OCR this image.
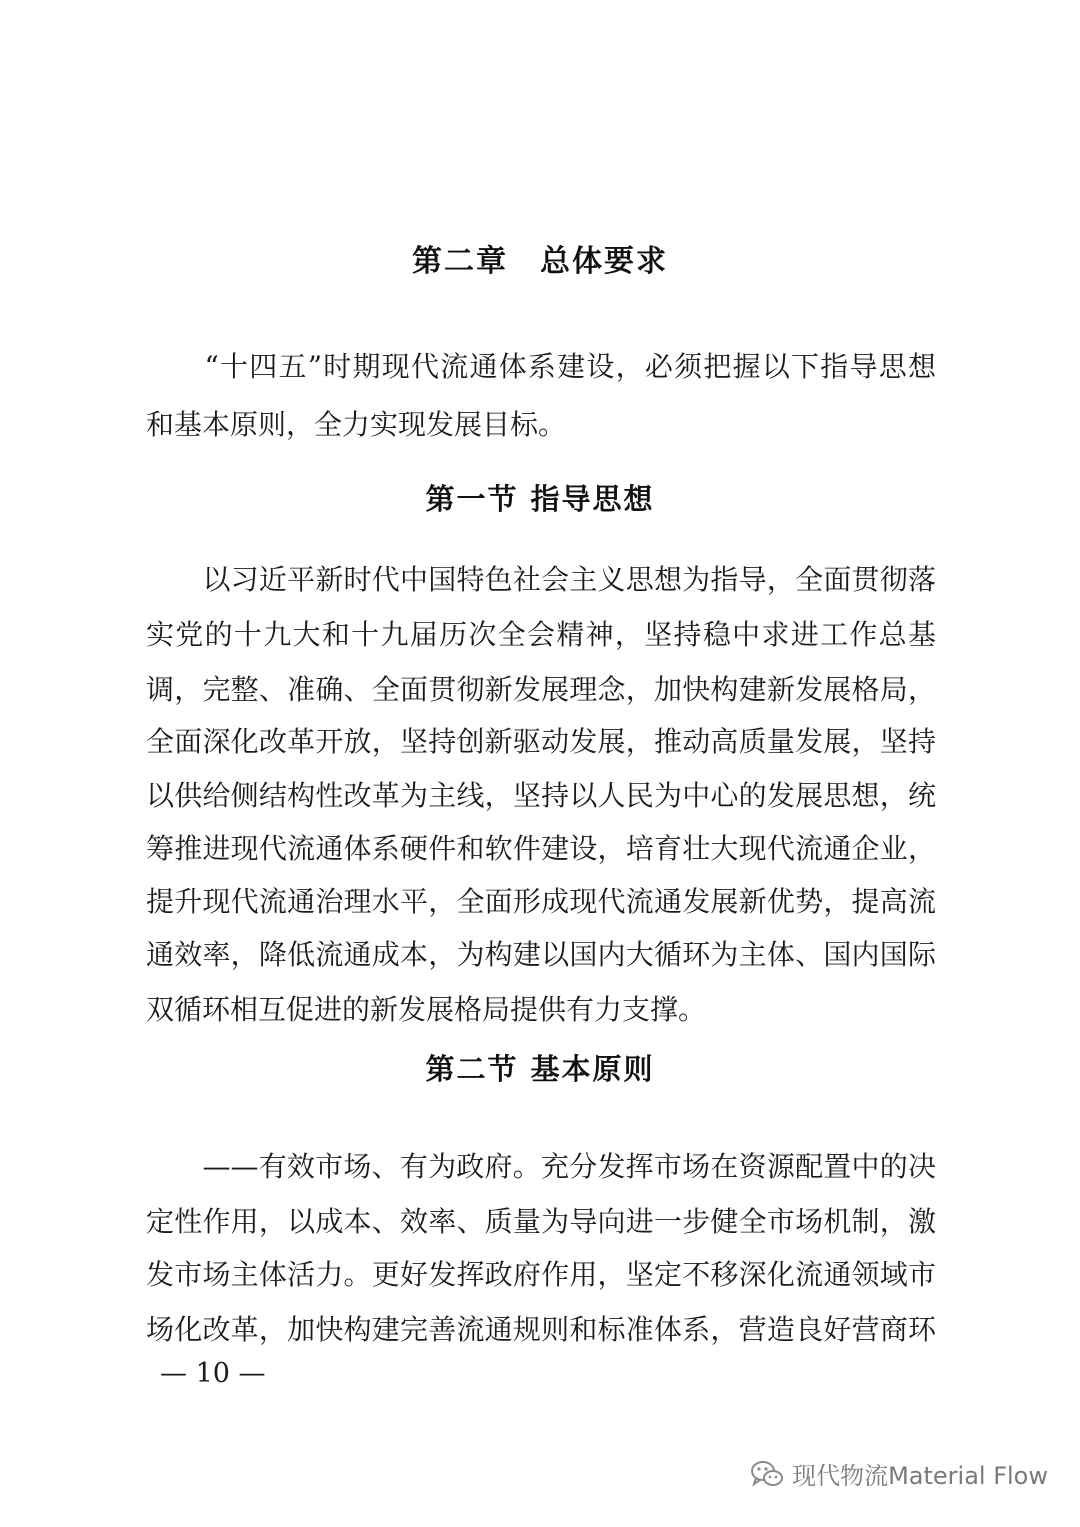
第二章　总体要求
　　“十四五”时期现代流通体系建设，必须把握以下指导思想
和基本原则，全力实现发展目标。
第一节 指导思想
　　以习近平新时代中国特色社会主义思想为指导，全面贯彻落
实党的十九大和十九届历次全会精神，坚持稳中求进工作总基
调，完整、准确、全面贯彻新发展理念，加快构建新发展格局，
全面深化改革开放，坚持创新驱动发展，推动高质量发展，坚持
以供给侧结构性改革为主线，坚持以人民为中心的发展思想，统
筹推进现代流通体系硬件和软件建设，培育壮大现代流通企业，
提升现代流通治理水平，全面形成现代流通发展新优势，提高流
通效率，降低流通成本，为构建以国内大循环为主体、国内国际
双循环相互促进的新发展格局提供有力支撑。
第二节 基本原则
　　——有效市场、有为政府。充分发挥市场在资源配置中的决
定性作用，以成本、效率、质量为导向进一步健全市场机制，激
发市场主体活力。更好发挥政府作用，坚定不移深化流通领域市
场化改革，加快构建完善流通规则和标准体系，营造良好营商环
— 10 —
现代物流Material Flow
